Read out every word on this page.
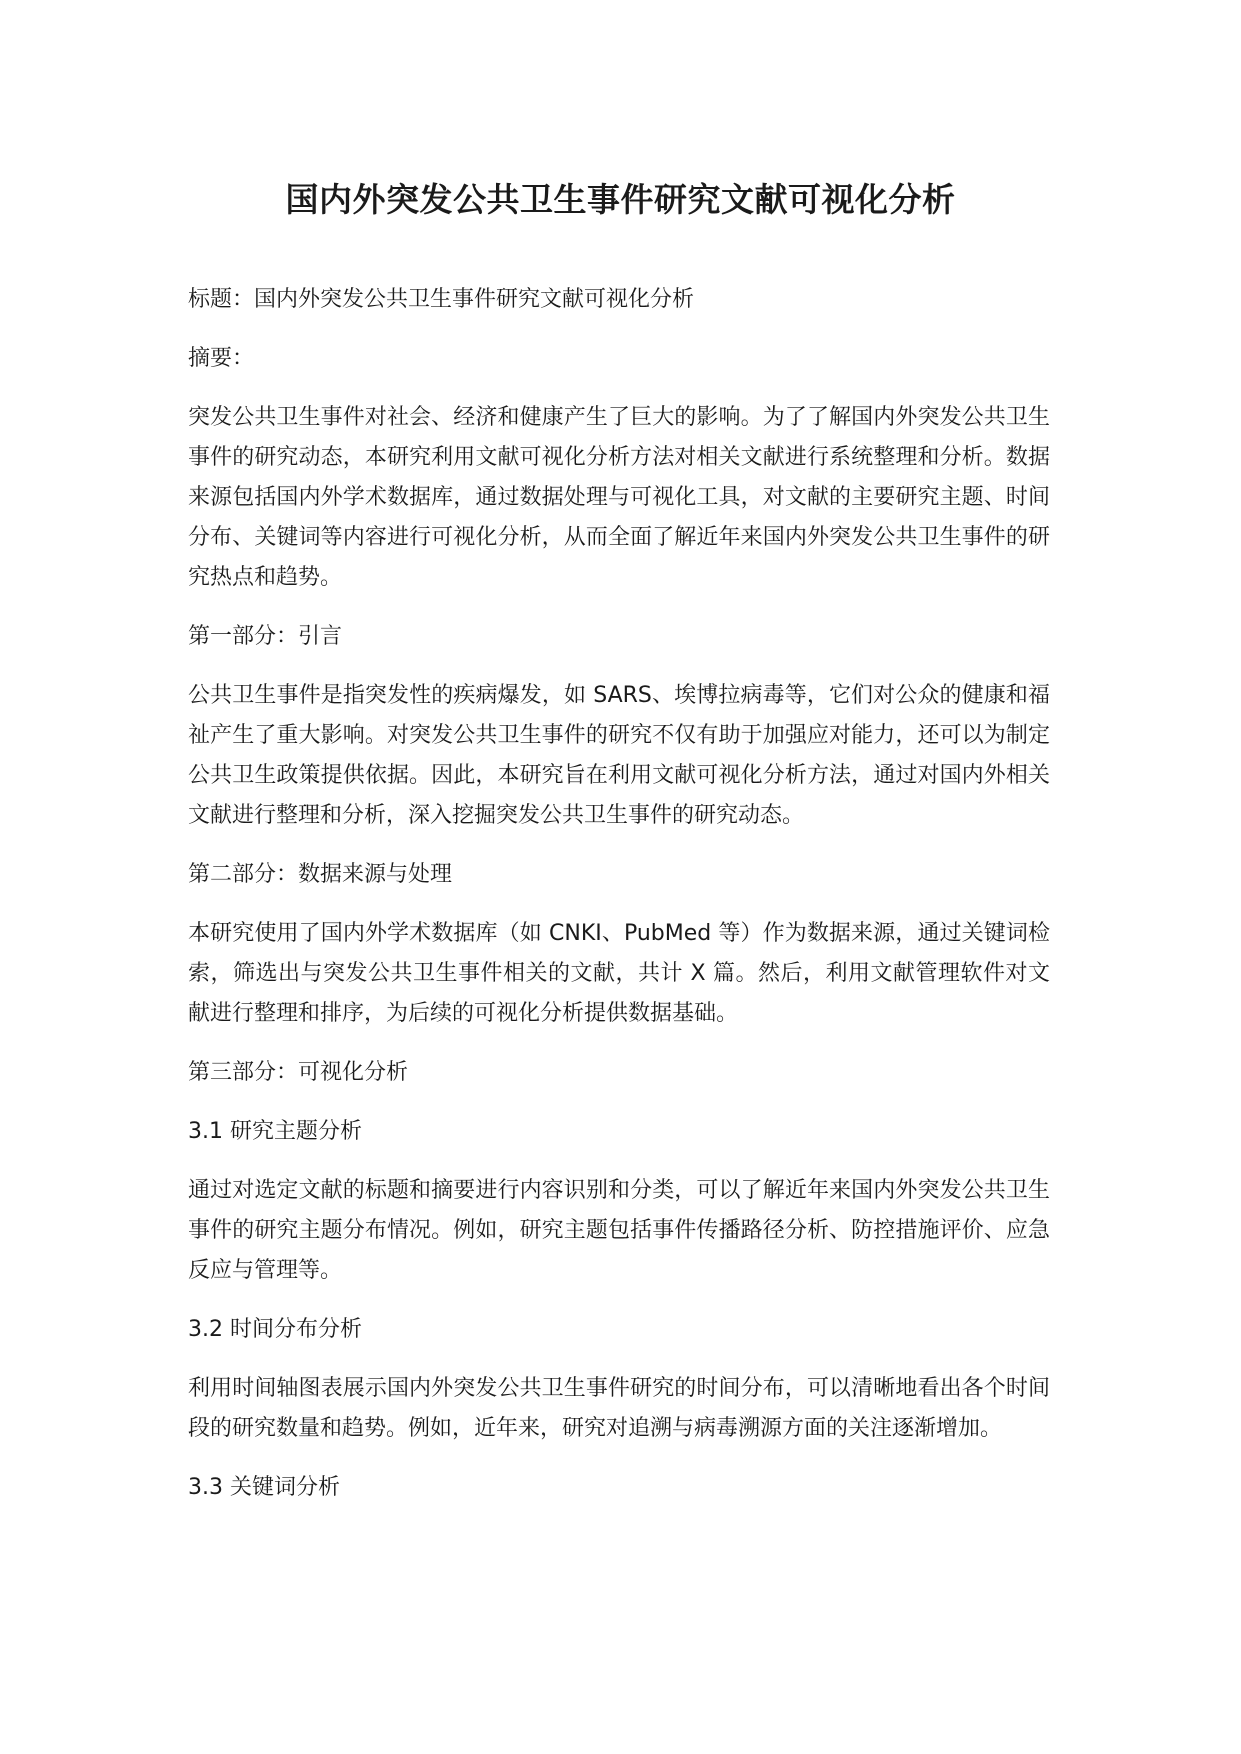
国内外突发公共卫生事件研究文献可视化分析
标题：国内外突发公共卫生事件研究文献可视化分析
摘要：
突发公共卫生事件对社会、经济和健康产生了巨大的影响。为了了解国内外突发公共卫生事件的研究动态，本研究利用文献可视化分析方法对相关文献进行系统整理和分析。数据来源包括国内外学术数据库，通过数据处理与可视化工具，对文献的主要研究主题、时间分布、关键词等内容进行可视化分析，从而全面了解近年来国内外突发公共卫生事件的研究热点和趋势。
第一部分：引言
公共卫生事件是指突发性的疾病爆发，如 SARS、埃博拉病毒等，它们对公众的健康和福祉产生了重大影响。对突发公共卫生事件的研究不仅有助于加强应对能力，还可以为制定公共卫生政策提供依据。因此，本研究旨在利用文献可视化分析方法，通过对国内外相关文献进行整理和分析，深入挖掘突发公共卫生事件的研究动态。
第二部分：数据来源与处理
本研究使用了国内外学术数据库（如 CNKI、PubMed 等）作为数据来源，通过关键词检索，筛选出与突发公共卫生事件相关的文献，共计 X 篇。然后，利用文献管理软件对文献进行整理和排序，为后续的可视化分析提供数据基础。
第三部分：可视化分析
3.1 研究主题分析
通过对选定文献的标题和摘要进行内容识别和分类，可以了解近年来国内外突发公共卫生事件的研究主题分布情况。例如，研究主题包括事件传播路径分析、防控措施评价、应急反应与管理等。
3.2 时间分布分析
利用时间轴图表展示国内外突发公共卫生事件研究的时间分布，可以清晰地看出各个时间段的研究数量和趋势。例如，近年来，研究对追溯与病毒溯源方面的关注逐渐增加。
3.3 关键词分析
